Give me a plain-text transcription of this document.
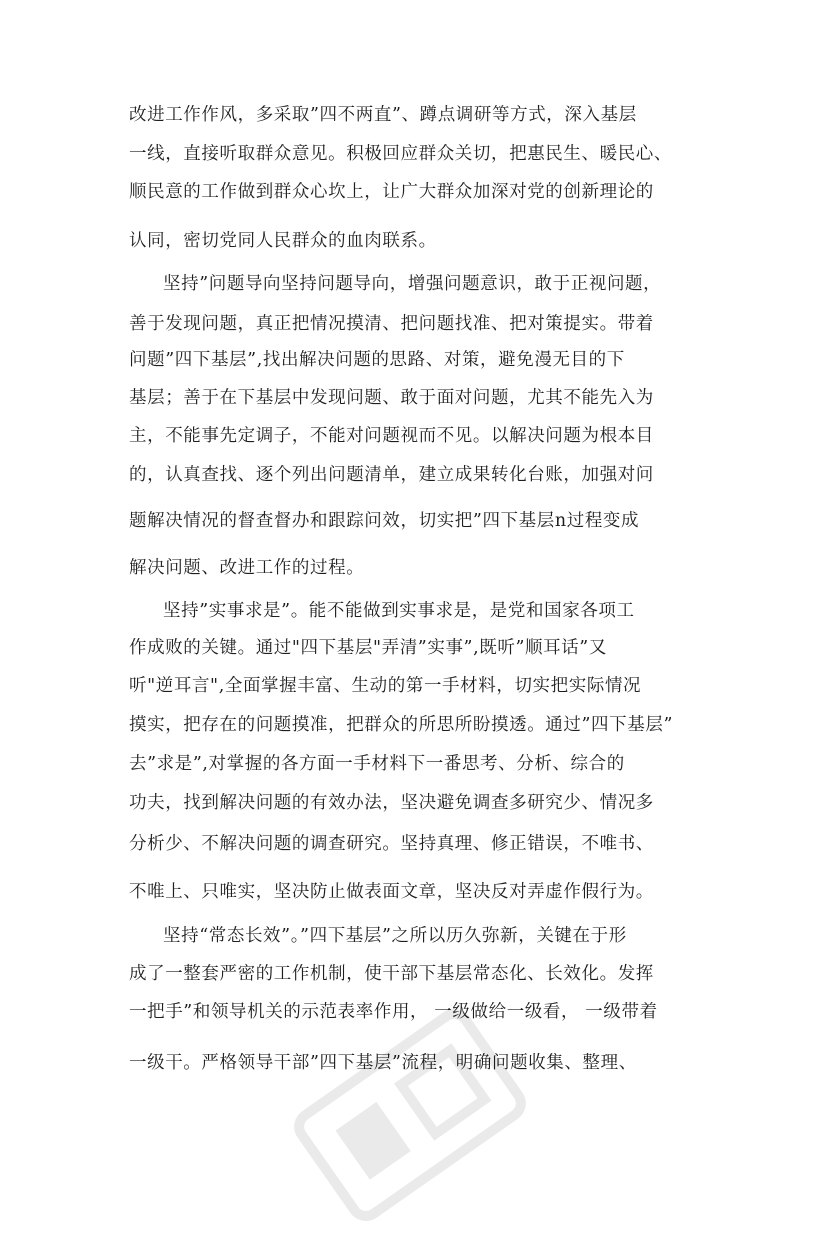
改进工作作风，多采取”四不两直”、蹲点调研等方式，深入基层
一线，直接听取群众意见。积极回应群众关切，把惠民生、暖民心、
顺民意的工作做到群众心坎上，让广大群众加深对党的创新理论的
认同，密切党同人民群众的血肉联系。
坚持”问题导向坚持问题导向，增强问题意识，敢于正视问题，
善于发现问题，真正把情况摸清、把问题找准、把对策提实。带着
问题”四下基层”,找出解决问题的思路、对策，避免漫无目的下
基层；善于在下基层中发现问题、敢于面对问题，尤其不能先入为
主，不能事先定调子，不能对问题视而不见。以解决问题为根本目
的，认真查找、逐个列出问题清单，建立成果转化台账，加强对问
题解决情况的督查督办和跟踪问效，切实把”四下基层n过程变成
解决问题、改进工作的过程。
坚持”实事求是”。能不能做到实事求是，是党和国家各项工
作成败的关键。通过"四下基层"弄清”实事”,既听”顺耳话”又
听"逆耳言",全面掌握丰富、生动的第一手材料，切实把实际情况
摸实，把存在的问题摸准，把群众的所思所盼摸透。通过”四下基层”
去”求是”,对掌握的各方面一手材料下一番思考、分析、综合的
功夫，找到解决问题的有效办法，坚决避免调查多研究少、情况多
分析少、不解决问题的调查研究。坚持真理、修正错误，不唯书、
不唯上、只唯实，坚决防止做表面文章，坚决反对弄虚作假行为。
坚持“常态长效”。”四下基层”之所以历久弥新，关键在于形
成了一整套严密的工作机制，使干部下基层常态化、长效化。发挥
一把手”和领导机关的示范表率作用， 一级做给一级看， 一级带着
一级干。严格领导干部”四下基层”流程，明确问题收集、整理、
